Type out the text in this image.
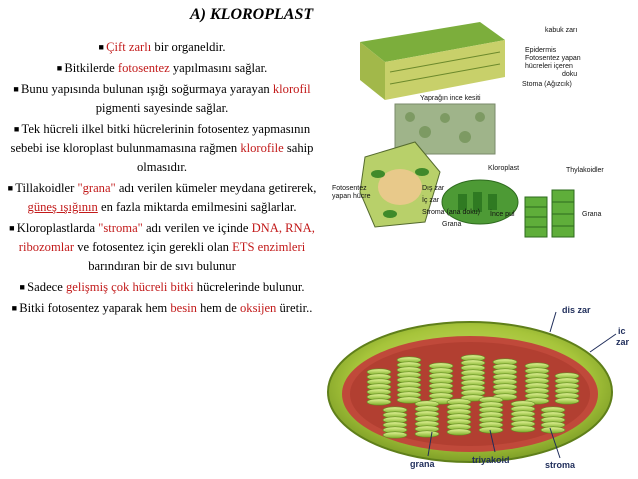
A) KLOROPLAST
■ Çift zarlı bir organeldir.
■ Bitkilerde fotosentez yapılmasını sağlar.
■ Bunu yapısında bulunan ışığı soğurmaya yarayan klorofil pigmenti sayesinde sağlar.
■ Tek hücreli ilkel bitki hücrelerinin fotosentez yapmasının sebebi ise kloroplast bulunmamasına rağmen klorofile sahip olmasıdır.
■ Tillakoidler "grana" adı verilen kümeler meydana getirerek, güneş ışığının en fazla miktarda emilmesini sağlarlar.
■ Kloroplastlarda "stroma" adı verilen ve içinde DNA, RNA, ribozomlar ve fotosentez için gerekli olan ETS enzimleri barındıran bir de sıvı bulunur
■ Sadece gelişmiş çok hücreli bitki hücrelerinde bulunur.
■ Bitki fotosentez yaparak hem besin hem de oksijen üretir..
kabuk zarı
Epidermis
Fotosentez yapan
hücreleri içeren
doku
Yaprağın ince kesiti
Stoma (Ağızcık)
Kloroplast	Thylakoidler
Fotosentez
yapan hücre
Dış zar
İç zar
Stroma (ana doku)
Grana
İnce pul	Grana
dis zar
ic
zar
grana	triyakoid	stroma
